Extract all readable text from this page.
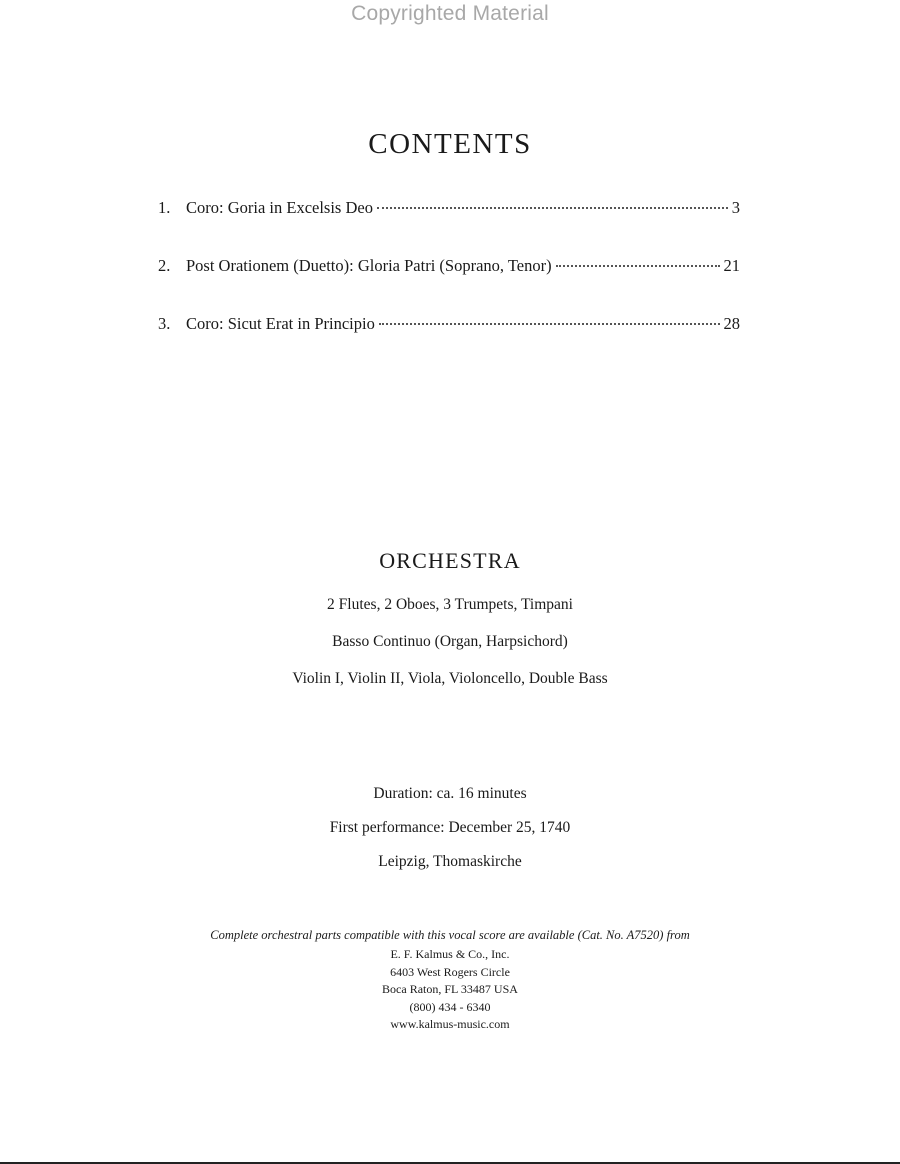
Copyrighted Material
CONTENTS
1. Coro: Goria in Excelsis Deo	3
2. Post Orationem (Duetto): Gloria Patri (Soprano, Tenor)	21
3. Coro: Sicut Erat in Principio	28
ORCHESTRA
2 Flutes, 2 Oboes, 3 Trumpets, Timpani
Basso Continuo (Organ, Harpsichord)
Violin I, Violin II, Viola, Violoncello, Double Bass
Duration: ca. 16 minutes
First performance: December 25, 1740
Leipzig, Thomaskirche
Complete orchestral parts compatible with this vocal score are available (Cat. No. A7520) from
E. F. Kalmus & Co., Inc.
6403 West Rogers Circle
Boca Raton, FL 33487 USA
(800) 434 - 6340
www.kalmus-music.com
